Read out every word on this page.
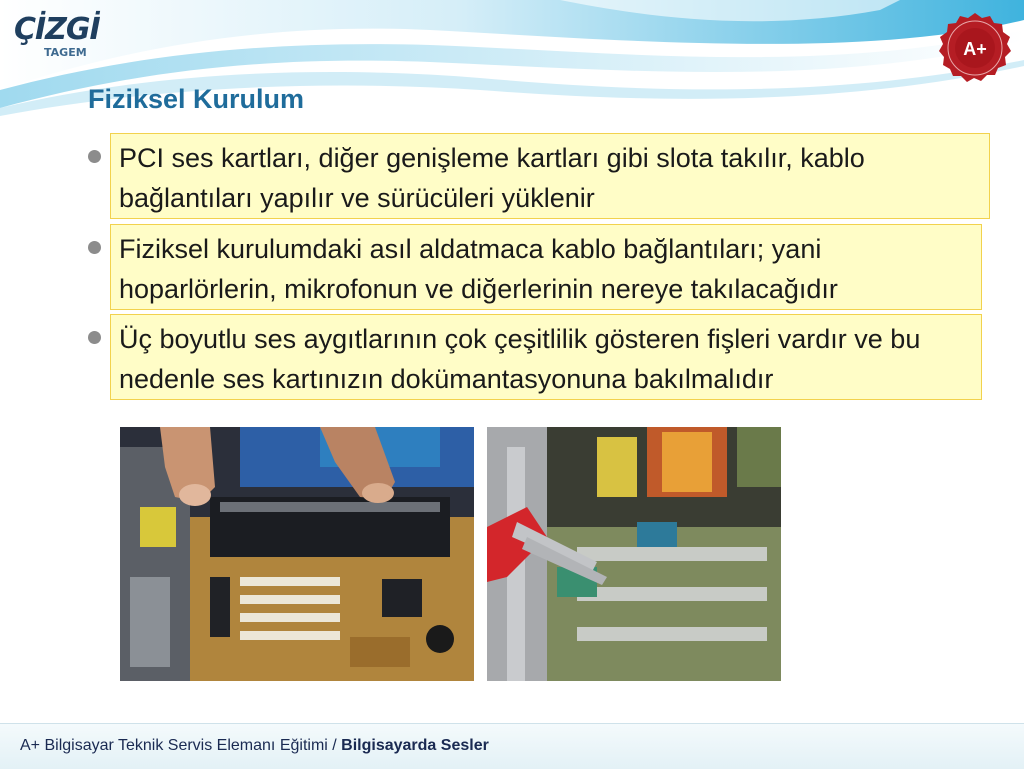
ÇİZGİ
TAGEM	A+
Fiziksel Kurulum
PCI ses kartları, diğer genişleme kartları gibi slota takılır, kablo bağlantıları yapılır ve sürücüleri yüklenir
Fiziksel kurulumdaki asıl aldatmaca kablo bağlantıları; yani hoparlörlerin, mikrofonun ve diğerlerinin nereye takılacağıdır
Üç boyutlu ses aygıtlarının çok çeşitlilik gösteren fişleri vardır ve bu nedenle ses kartınızın dokümantasyonuna bakılmalıdır
A+ Bilgisayar Teknik Servis Elemanı Eğitimi / Bilgisayarda Sesler
